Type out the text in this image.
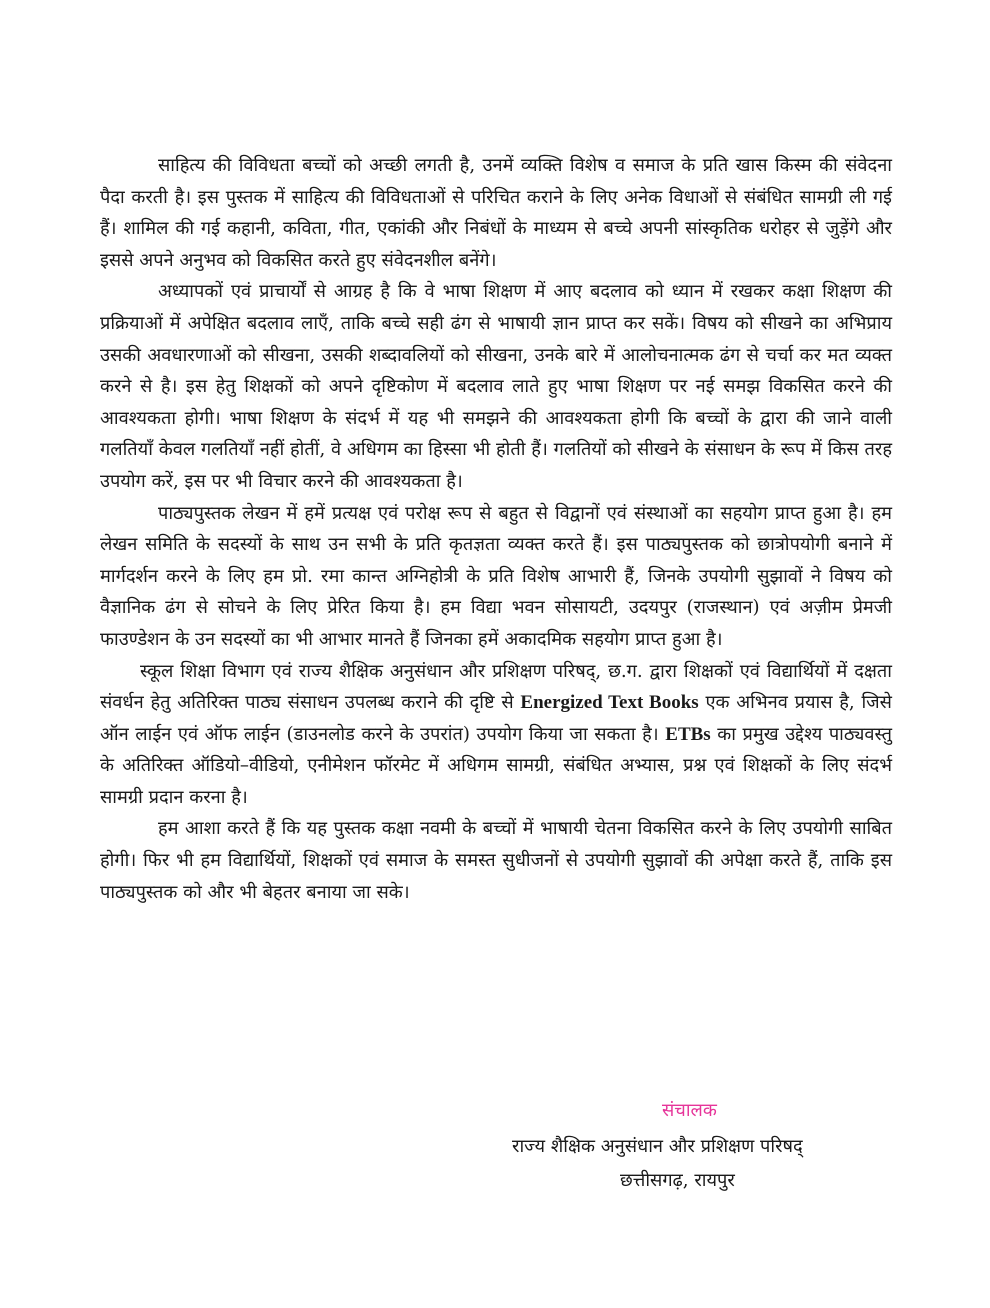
साहित्य की विविधता बच्चों को अच्छी लगती है, उनमें व्यक्ति विशेष व समाज के प्रति खास किस्म की संवेदना पैदा करती है। इस पुस्तक में साहित्य की विविधताओं से परिचित कराने के लिए अनेक विधाओं से संबंधित सामग्री ली गई हैं। शामिल की गई कहानी, कविता, गीत, एकांकी और निबंधों के माध्यम से बच्चे अपनी सांस्कृतिक धरोहर से जुड़ेंगे और इससे अपने अनुभव को विकसित करते हुए संवेदनशील बनेंगे।

अध्यापकों एवं प्राचार्यों से आग्रह है कि वे भाषा शिक्षण में आए बदलाव को ध्यान में रखकर कक्षा शिक्षण की प्रक्रियाओं में अपेक्षित बदलाव लाएँ, ताकि बच्चे सही ढंग से भाषायी ज्ञान प्राप्त कर सकें। विषय को सीखने का अभिप्राय उसकी अवधारणाओं को सीखना, उसकी शब्दावलियों को सीखना, उनके बारे में आलोचनात्मक ढंग से चर्चा कर मत व्यक्त करने से है। इस हेतु शिक्षकों को अपने दृष्टिकोण में बदलाव लाते हुए भाषा शिक्षण पर नई समझ विकसित करने की आवश्यकता होगी। भाषा शिक्षण के संदर्भ में यह भी समझने की आवश्यकता होगी कि बच्चों के द्वारा की जाने वाली गलतियाँ केवल गलतियाँ नहीं होतीं, वे अधिगम का हिस्सा भी होती हैं। गलतियों को सीखने के संसाधन के रूप में किस तरह उपयोग करें, इस पर भी विचार करने की आवश्यकता है।

पाठ्यपुस्तक लेखन में हमें प्रत्यक्ष एवं परोक्ष रूप से बहुत से विद्वानों एवं संस्थाओं का सहयोग प्राप्त हुआ है। हम लेखन समिति के सदस्यों के साथ उन सभी के प्रति कृतज्ञता व्यक्त करते हैं। इस पाठ्यपुस्तक को छात्रोपयोगी बनाने में मार्गदर्शन करने के लिए हम प्रो. रमा कान्त अग्निहोत्री के प्रति विशेष आभारी हैं, जिनके उपयोगी सुझावों ने विषय को वैज्ञानिक ढंग से सोचने के लिए प्रेरित किया है। हम विद्या भवन सोसायटी, उदयपुर (राजस्थान) एवं अज़ीम प्रेमजी फाउण्डेशन के उन सदस्यों का भी आभार मानते हैं जिनका हमें अकादमिक सहयोग प्राप्त हुआ है।

स्कूल शिक्षा विभाग एवं राज्य शैक्षिक अनुसंधान और प्रशिक्षण परिषद्, छ.ग. द्वारा शिक्षकों एवं विद्यार्थियों में दक्षता संवर्धन हेतु अतिरिक्त पाठ्य संसाधन उपलब्ध कराने की दृष्टि से Energized Text Books एक अभिनव प्रयास है, जिसे ऑन लाईन एवं ऑफ लाईन (डाउनलोड करने के उपरांत) उपयोग किया जा सकता है। ETBs का प्रमुख उद्देश्य पाठ्यवस्तु के अतिरिक्त ऑडियो–वीडियो, एनीमेशन फॉरमेट में अधिगम सामग्री, संबंधित अभ्यास, प्रश्न एवं शिक्षकों के लिए संदर्भ सामग्री प्रदान करना है।

हम आशा करते हैं कि यह पुस्तक कक्षा नवमी के बच्चों में भाषायी चेतना विकसित करने के लिए उपयोगी साबित होगी। फिर भी हम विद्यार्थियों, शिक्षकों एवं समाज के समस्त सुधीजनों से उपयोगी सुझावों की अपेक्षा करते हैं, ताकि इस पाठ्यपुस्तक को और भी बेहतर बनाया जा सके।

संचालक
राज्य शैक्षिक अनुसंधान और प्रशिक्षण परिषद्
छत्तीसगढ़, रायपुर
